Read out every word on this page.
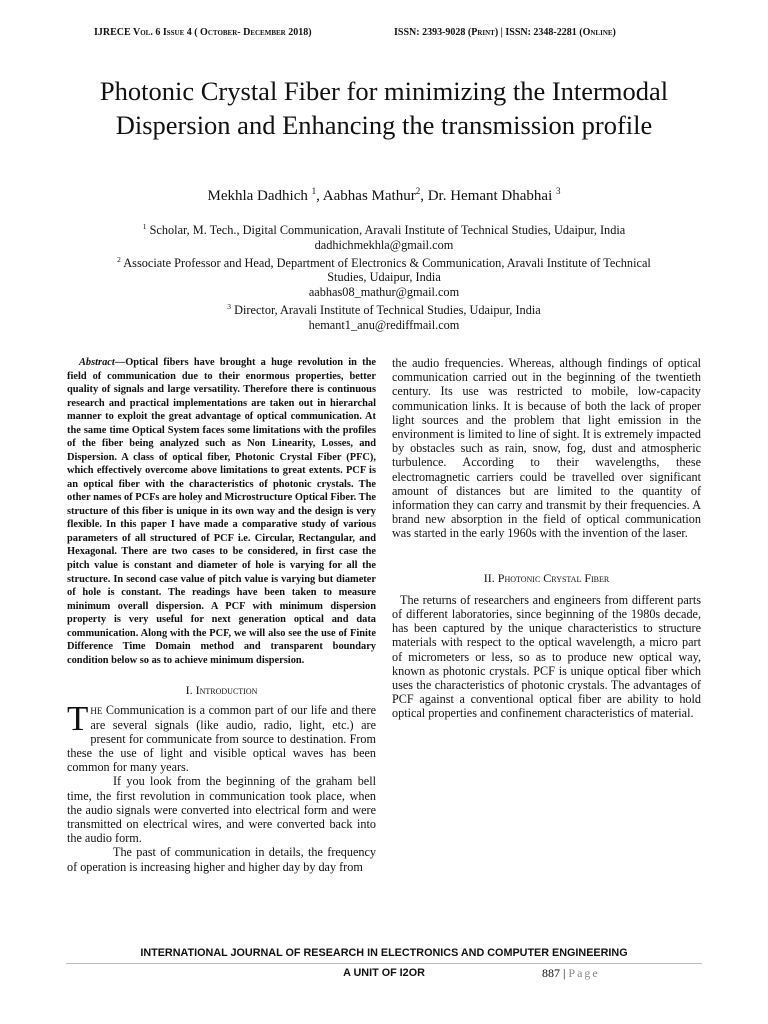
IJRECE Vol. 6 Issue 4 ( October- December 2018)	ISSN: 2393-9028 (Print) | ISSN: 2348-2281 (Online)
Photonic Crystal Fiber for minimizing the Intermodal Dispersion and Enhancing the transmission profile
Mekhla Dadhich $^1$, Aabhas Mathur$^2$, Dr. Hemant Dhabhai $^3$
$^1$ Scholar, M. Tech., Digital Communication, Aravali Institute of Technical Studies, Udaipur, India
dadhichmekhla@gmail.com
$^2$ Associate Professor and Head, Department of Electronics & Communication, Aravali Institute of Technical Studies, Udaipur, India
aabhas08_mathur@gmail.com
$^3$ Director, Aravali Institute of Technical Studies, Udaipur, India
hemant1_anu@rediffmail.com

Abstract—Optical fibers have brought a huge revolution in the field of communication due to their enormous properties, better quality of signals and large versatility. Therefore there is continuous research and practical implementations are taken out in hierarchal manner to exploit the great advantage of optical communication. At the same time Optical System faces some limitations with the profiles of the fiber being analyzed such as Non Linearity, Losses, and Dispersion. A class of optical fiber, Photonic Crystal Fiber (PFC), which effectively overcome above limitations to great extents. PCF is an optical fiber with the characteristics of photonic crystals. The other names of PCFs are holey and Microstructure Optical Fiber. The structure of this fiber is unique in its own way and the design is very flexible. In this paper I have made a comparative study of various parameters of all structured of PCF i.e. Circular, Rectangular, and Hexagonal. There are two cases to be considered, in first case the pitch value is constant and diameter of hole is varying for all the structure. In second case value of pitch value is varying but diameter of hole is constant. The readings have been taken to measure minimum overall dispersion. A PCF with minimum dispersion property is very useful for next generation optical and data communication. Along with the PCF, we will also see the use of Finite Difference Time Domain method and transparent boundary condition below so as to achieve minimum dispersion.

I. Introduction

The Communication is a common part of our life and there are several signals (like audio, radio, light, etc.) are present for communicate from source to destination. From these the use of light and visible optical waves has been common for many years.

If you look from the beginning of the graham bell time, the first revolution in communication took place, when the audio signals were converted into electrical form and were transmitted on electrical wires, and were converted back into the audio form.

The past of communication in details, the frequency of operation is increasing higher and higher day by day from

the audio frequencies. Whereas, although findings of optical communication carried out in the beginning of the twentieth century. Its use was restricted to mobile, low-capacity communication links. It is because of both the lack of proper light sources and the problem that light emission in the environment is limited to line of sight. It is extremely impacted by obstacles such as rain, snow, fog, dust and atmospheric turbulence. According to their wavelengths, these electromagnetic carriers could be travelled over significant amount of distances but are limited to the quantity of information they can carry and transmit by their frequencies. A brand new absorption in the field of optical communication was started in the early 1960s with the invention of the laser.

II. Photonic Crystal Fiber

The returns of researchers and engineers from different parts of different laboratories, since beginning of the 1980s decade, has been captured by the unique characteristics to structure materials with respect to the optical wavelength, a micro part of micrometers or less, so as to produce new optical way, known as photonic crystals. PCF is unique optical fiber which uses the characteristics of photonic crystals. The advantages of PCF against a conventional optical fiber are ability to hold optical properties and confinement characteristics of material.

INTERNATIONAL JOURNAL OF RESEARCH IN ELECTRONICS AND COMPUTER ENGINEERING
A UNIT OF I2OR	887 | Page
